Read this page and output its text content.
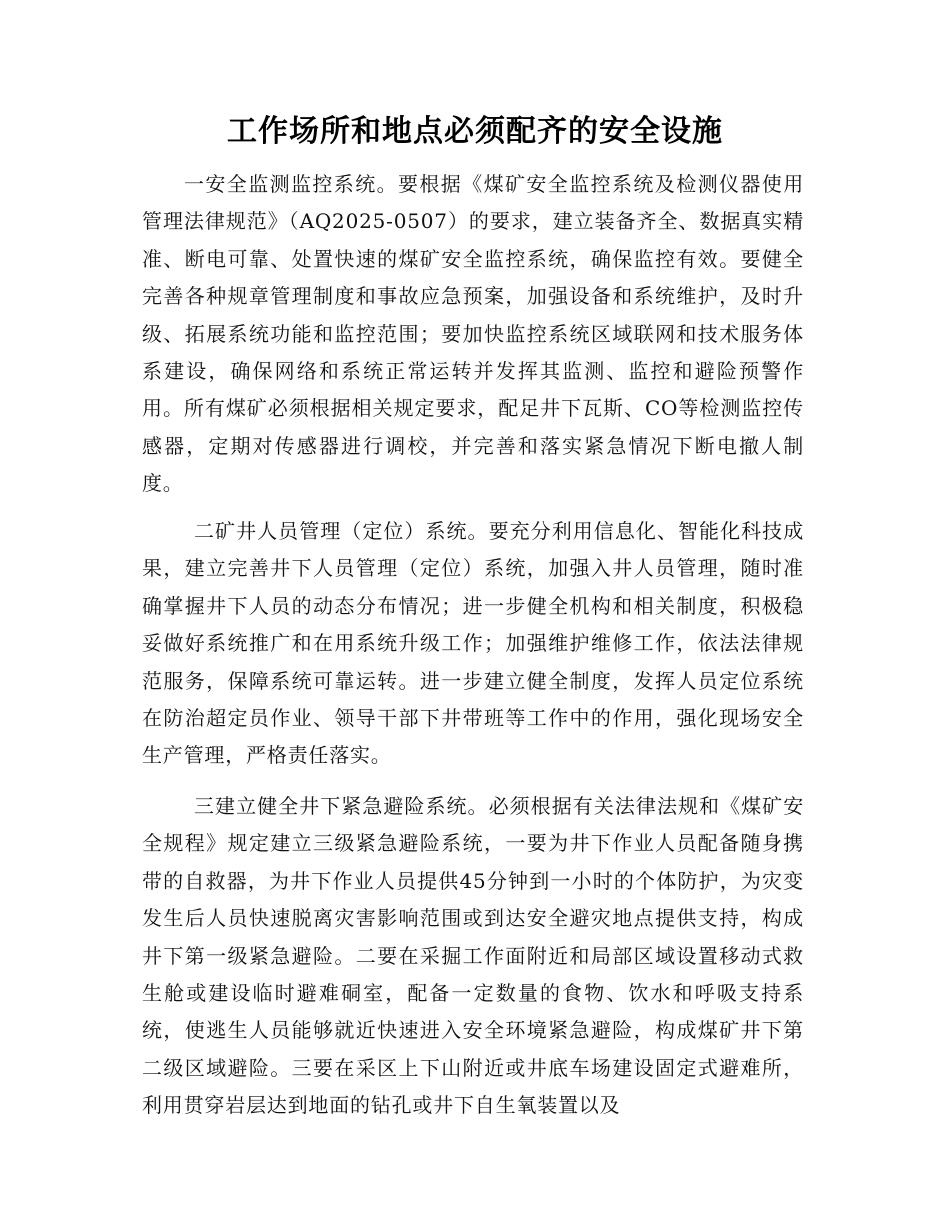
工作场所和地点必须配齐的安全设施

一安全监测监控系统。要根据《煤矿安全监控系统及检测仪器使用管理法律规范》（AQ2025-0507）的要求，建立装备齐全、数据真实精准、断电可靠、处置快速的煤矿安全监控系统，确保监控有效。要健全完善各种规章管理制度和事故应急预案，加强设备和系统维护，及时升级、拓展系统功能和监控范围；要加快监控系统区域联网和技术服务体系建设，确保网络和系统正常运转并发挥其监测、监控和避险预警作用。所有煤矿必须根据相关规定要求，配足井下瓦斯、CO等检测监控传感器，定期对传感器进行调校，并完善和落实紧急情况下断电撤人制度。

二矿井人员管理（定位）系统。要充分利用信息化、智能化科技成果，建立完善井下人员管理（定位）系统，加强入井人员管理，随时准确掌握井下人员的动态分布情况；进一步健全机构和相关制度，积极稳妥做好系统推广和在用系统升级工作；加强维护维修工作，依法法律规范服务，保障系统可靠运转。进一步建立健全制度，发挥人员定位系统在防治超定员作业、领导干部下井带班等工作中的作用，强化现场安全生产管理，严格责任落实。

三建立健全井下紧急避险系统。必须根据有关法律法规和《煤矿安全规程》规定建立三级紧急避险系统，一要为井下作业人员配备随身携带的自救器，为井下作业人员提供45分钟到一小时的个体防护，为灾变发生后人员快速脱离灾害影响范围或到达安全避灾地点提供支持，构成井下第一级紧急避险。二要在采掘工作面附近和局部区域设置移动式救生舱或建设临时避难硐室，配备一定数量的食物、饮水和呼吸支持系统，使逃生人员能够就近快速进入安全环境紧急避险，构成煤矿井下第二级区域避险。三要在采区上下山附近或井底车场建设固定式避难所，利用贯穿岩层达到地面的钻孔或井下自生氧装置以及
